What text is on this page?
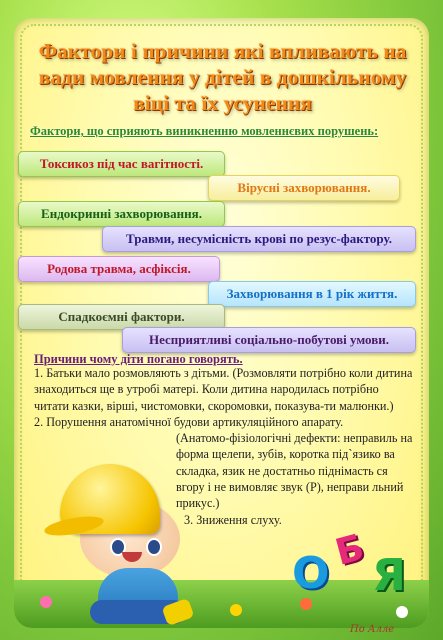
Фактори і причини які впливають на вади мовлення у дітей в дошкільному віці та їх усунення
Фактори, що сприяють виникненню мовленнєвих порушень:
Токсикоз під час вагітності.
Вірусні захворювання.
Ендокринні захворювання.
Травми, несумісність крові по резус-фактору.
Родова травма, асфіксія.
Захворювання в 1 рік життя.
Спадкоємні фактори.
Несприятливі соціально-побутові умови.
Причини чому діти погано говорять.

1. Батьки мало розмовляють з дітьми. (Розмовляти потрібно коли дитина знаходиться ще в утробі матері. Коли дитина народилась потрібно читати казки, вірші, чистомовки, скоромовки, показува-ти малюнки.)

2. Порушення анатомічної будови артикуляційного апарату.

(Анатомо-фізіологічні дефекти: неправиль на форма щелепи, зубів, коротка під`язико ва складка, язик не достатньо піднімасть ся вгору і не вимовляє звук (Р), неправи льний прикус.)

3. Зниження слуху.

О Б Я
По Алле
